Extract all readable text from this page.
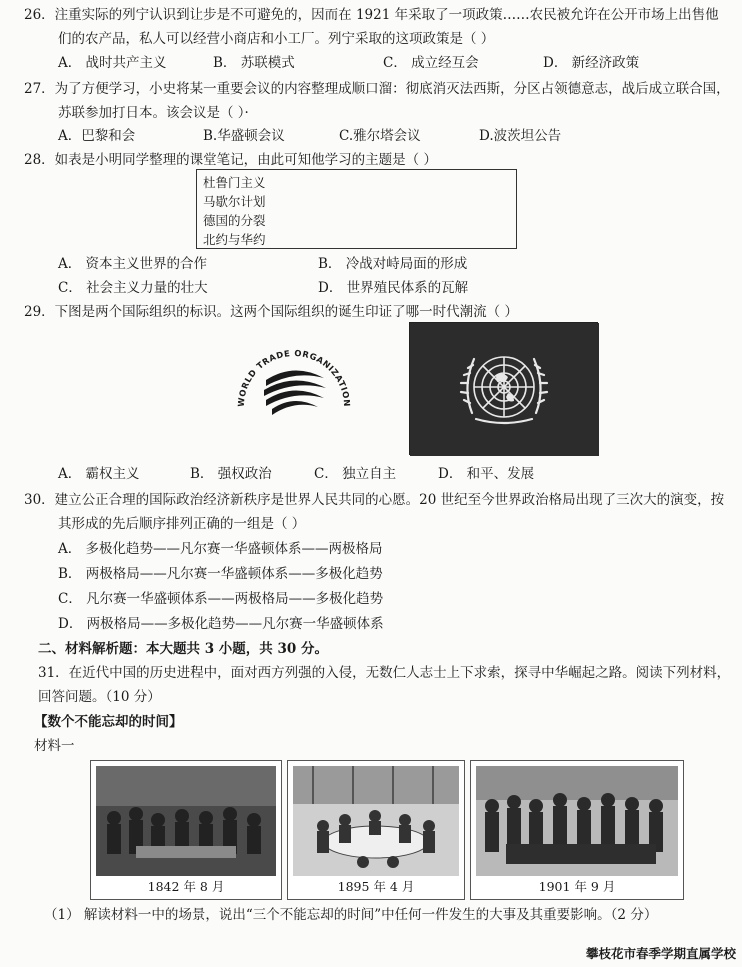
26．注重实际的列宁认识到让步是不可避免的，因而在 1921 年采取了一项政策……农民被允许在公开市场上出售他
们的农产品，私人可以经营小商店和小工厂。列宁采取的这项政策是（ ）
A． 战时共产主义	B． 苏联模式	C． 成立经互会	D． 新经济政策
27．为了方便学习，小史将某一重要会议的内容整理成顺口溜：彻底消灭法西斯，分区占领德意志，战后成立联合国，
苏联参加打日本。该会议是（ ）·
A．巴黎和会	B.华盛顿会议	C.雅尔塔会议	D.波茨坦公告
28．如表是小明同学整理的课堂笔记，由此可知他学习的主题是（ ）
杜鲁门主义
马歇尔计划
德国的分裂
北约与华约
A． 资本主义世界的合作	B． 冷战对峙局面的形成
C． 社会主义力量的壮大	D． 世界殖民体系的瓦解
29．下图是两个国际组织的标识。这两个国际组织的诞生印证了哪一时代潮流（ ）
WORLD TRADE ORGANIZATION
A． 霸权主义	B． 强权政治	C． 独立自主	D． 和平、发展
30．建立公正合理的国际政治经济新秩序是世界人民共同的心愿。20 世纪至今世界政治格局出现了三次大的演变，按
其形成的先后顺序排列正确的一组是（ ）
A． 多极化趋势——凡尔赛一华盛顿体系——两极格局
B． 两极格局——凡尔赛一华盛顿体系——多极化趋势
C． 凡尔赛一华盛顿体系——两极格局——多极化趋势
D． 两极格局——多极化趋势——凡尔赛一华盛顿体系
二、材料解析题：本大题共 3 小题，共 30 分。
31．在近代中国的历史进程中，面对西方列强的入侵，无数仁人志士上下求索，探寻中华崛起之路。阅读下列材料，
回答问题。（10 分）
【数个不能忘却的时间】
材料一
1842 年 8 月	1895 年 4 月	1901 年 9 月
（1） 解读材料一中的场景，说出“三个不能忘却的时间”中任何一件发生的大事及其重要影响。（2 分）
攀枝花市春季学期直属学校
